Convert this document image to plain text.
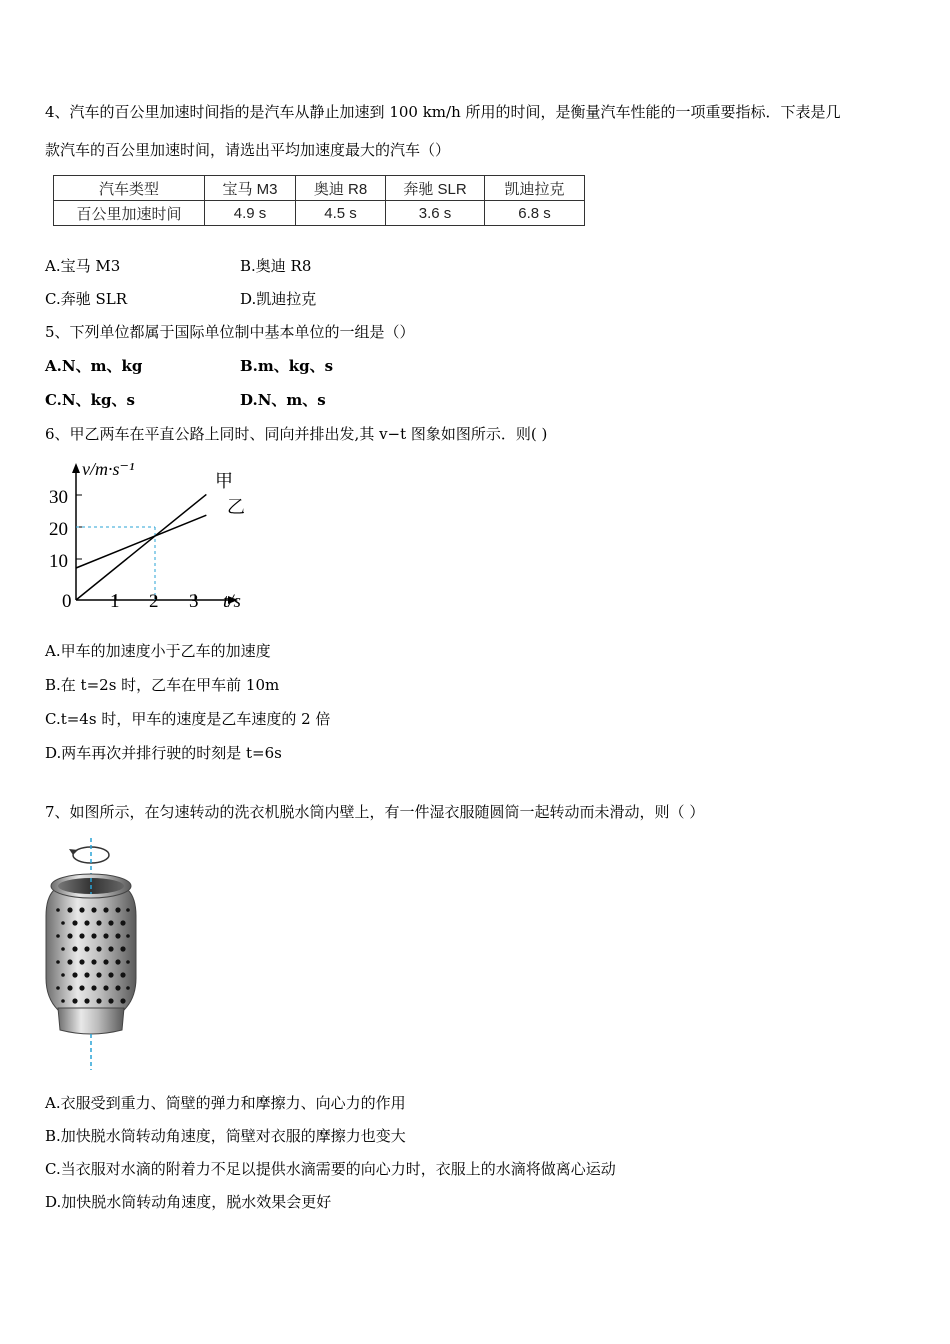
4、汽车的百公里加速时间指的是汽车从静止加速到 100 km/h 所用的时间，是衡量汽车性能的一项重要指标．下表是几
款汽车的百公里加速时间，请选出平均加速度最大的汽车（）
汽车类型	宝马 M3	奥迪 R8	奔驰 SLR	凯迪拉克
百公里加速时间	4.9 s	4.5 s	3.6 s	6.8 s
A.宝马 M3	B.奥迪 R8
C.奔驰 SLR	D.凯迪拉克
5、下列单位都属于国际单位制中基本单位的一组是（）
A.N、m、kg	B.m、kg、s
C.N、kg、s	D.N、m、s
6、甲乙两车在平直公路上同时、同向并排出发,其 v−t 图象如图所示．则( )
30
20
10
0 1 2 3
v/m·s⁻¹
t/s
甲
乙
A.甲车的加速度小于乙车的加速度
B.在 t=2s 时，乙车在甲车前 10m
C.t=4s 时，甲车的速度是乙车速度的 2 倍
D.两车再次并排行驶的时刻是 t=6s
7、如图所示，在匀速转动的洗衣机脱水筒内壁上，有一件湿衣服随圆筒一起转动而未滑动，则（ ）
A.衣服受到重力、筒壁的弹力和摩擦力、向心力的作用
B.加快脱水筒转动角速度，筒壁对衣服的摩擦力也变大
C.当衣服对水滴的附着力不足以提供水滴需要的向心力时，衣服上的水滴将做离心运动
D.加快脱水筒转动角速度，脱水效果会更好
